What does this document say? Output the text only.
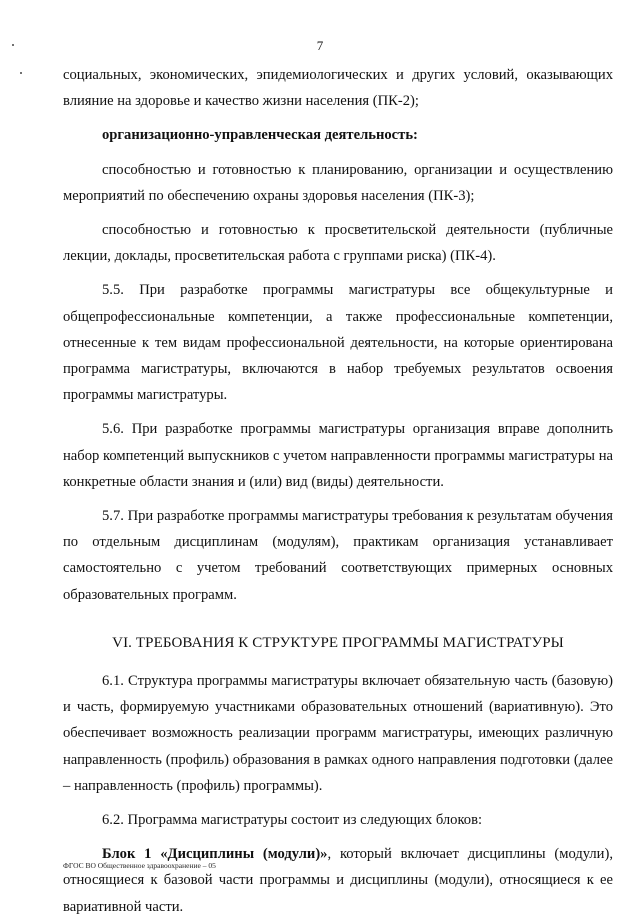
7

социальных, экономических, эпидемиологических и других условий, оказывающих влияние на здоровье и качество жизни населения (ПК-2);

организационно-управленческая деятельность:

способностью и готовностью к планированию, организации и осуществлению мероприятий по обеспечению охраны здоровья населения (ПК-3);

способностью и готовностью к просветительской деятельности (публичные лекции, доклады, просветительская работа с группами риска) (ПК-4).

5.5. При разработке программы магистратуры все общекультурные и общепрофессиональные компетенции, а также профессиональные компетенции, отнесенные к тем видам профессиональной деятельности, на которые ориентирована программа магистратуры, включаются в набор требуемых результатов освоения программы магистратуры.

5.6. При разработке программы магистратуры организация вправе дополнить набор компетенций выпускников с учетом направленности программы магистратуры на конкретные области знания и (или) вид (виды) деятельности.

5.7. При разработке программы магистратуры требования к результатам обучения по отдельным дисциплинам (модулям), практикам организация устанавливает самостоятельно с учетом требований соответствующих примерных основных образовательных программ.

VI. ТРЕБОВАНИЯ К СТРУКТУРЕ ПРОГРАММЫ МАГИСТРАТУРЫ

6.1. Структура программы магистратуры включает обязательную часть (базовую) и часть, формируемую участниками образовательных отношений (вариативную). Это обеспечивает возможность реализации программ магистратуры, имеющих различную направленность (профиль) образования в рамках одного направления подготовки (далее – направленность (профиль) программы).

6.2. Программа магистратуры состоит из следующих блоков:

Блок 1 «Дисциплины (модули)», который включает дисциплины (модули), относящиеся к базовой части программы и дисциплины (модули), относящиеся к ее вариативной части.

ФГОС ВО Общественное здравоохранение – 05
